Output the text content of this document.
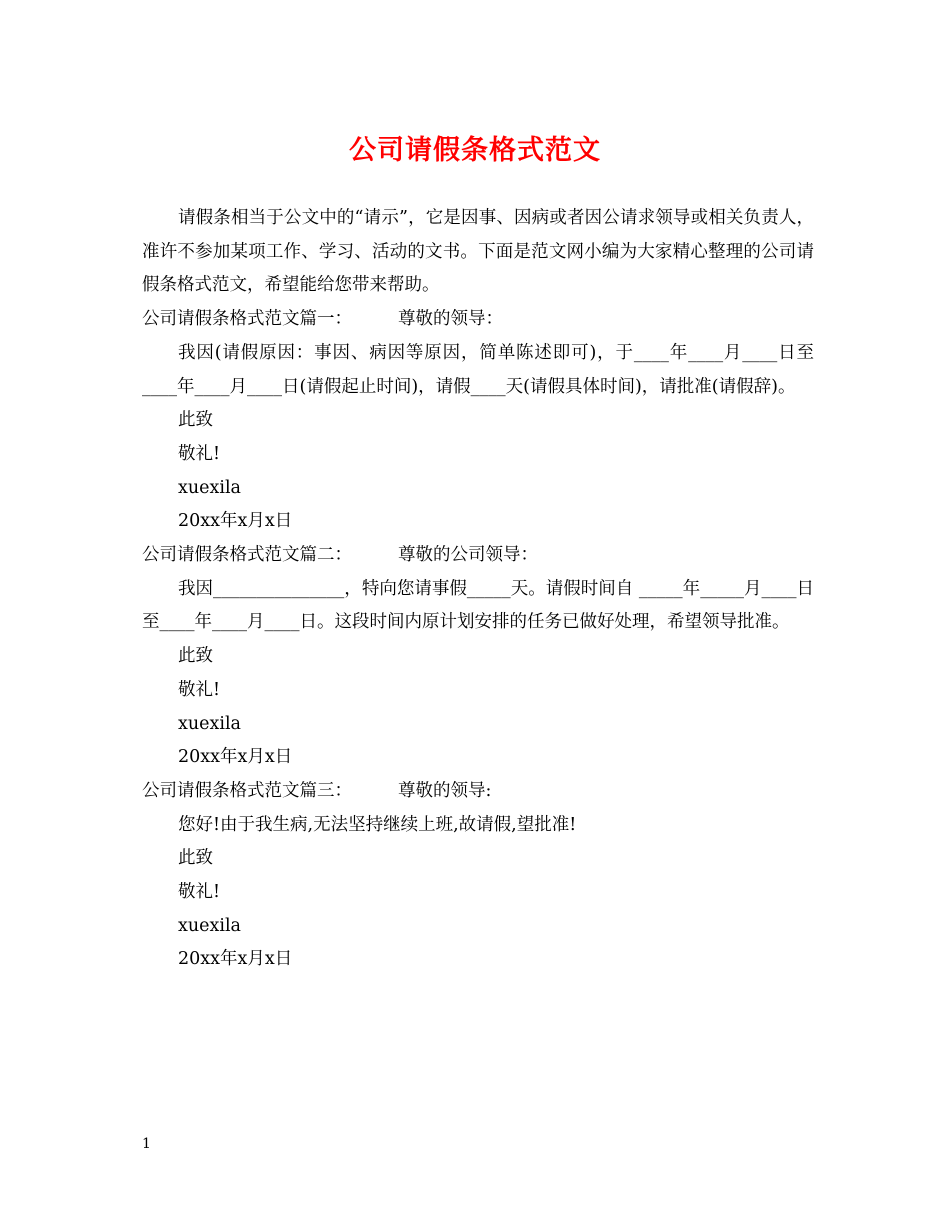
公司请假条格式范文

请假条相当于公文中的“请示”，它是因事、因病或者因公请求领导或相关负责人，准许不参加某项工作、学习、活动的文书。下面是范文网小编为大家精心整理的公司请假条格式范文，希望能给您带来帮助。

公司请假条格式范文篇一：	尊敬的领导：

我因(请假原因：事因、病因等原因，简单陈述即可)，于____年____月____日至____年____月____日(请假起止时间)，请假____天(请假具体时间)，请批准(请假辞)。

此致

敬礼!

xuexila

20xx年x月x日

公司请假条格式范文篇二：	尊敬的公司领导：

我因_______________，特向您请事假_____天。请假时间自 _____年_____月____日至____年____月____日。这段时间内原计划安排的任务已做好处理，希望领导批准。

此致

敬礼!

xuexila

20xx年x月x日

公司请假条格式范文篇三：	尊敬的领导:

您好!由于我生病,无法坚持继续上班,故请假,望批准!

此致

敬礼!

xuexila

20xx年x月x日

1
